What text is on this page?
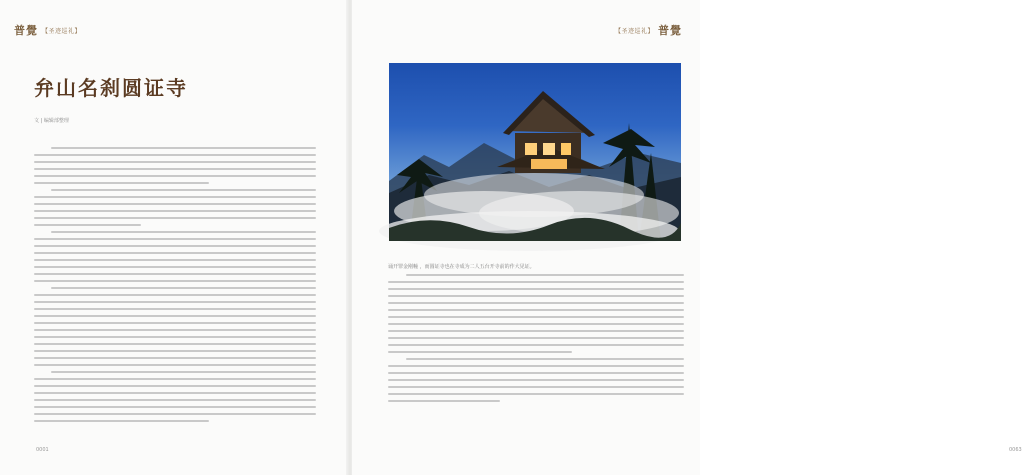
普覺 【圣迹巡礼】
弁山名刹圆证寺
文 | 编辑部整理
0001
【圣迹巡礼】 普覺
0063
诵开罪金刚幢 ，而圆证寺也在寺成为二人五台开寺前的作大见证。
